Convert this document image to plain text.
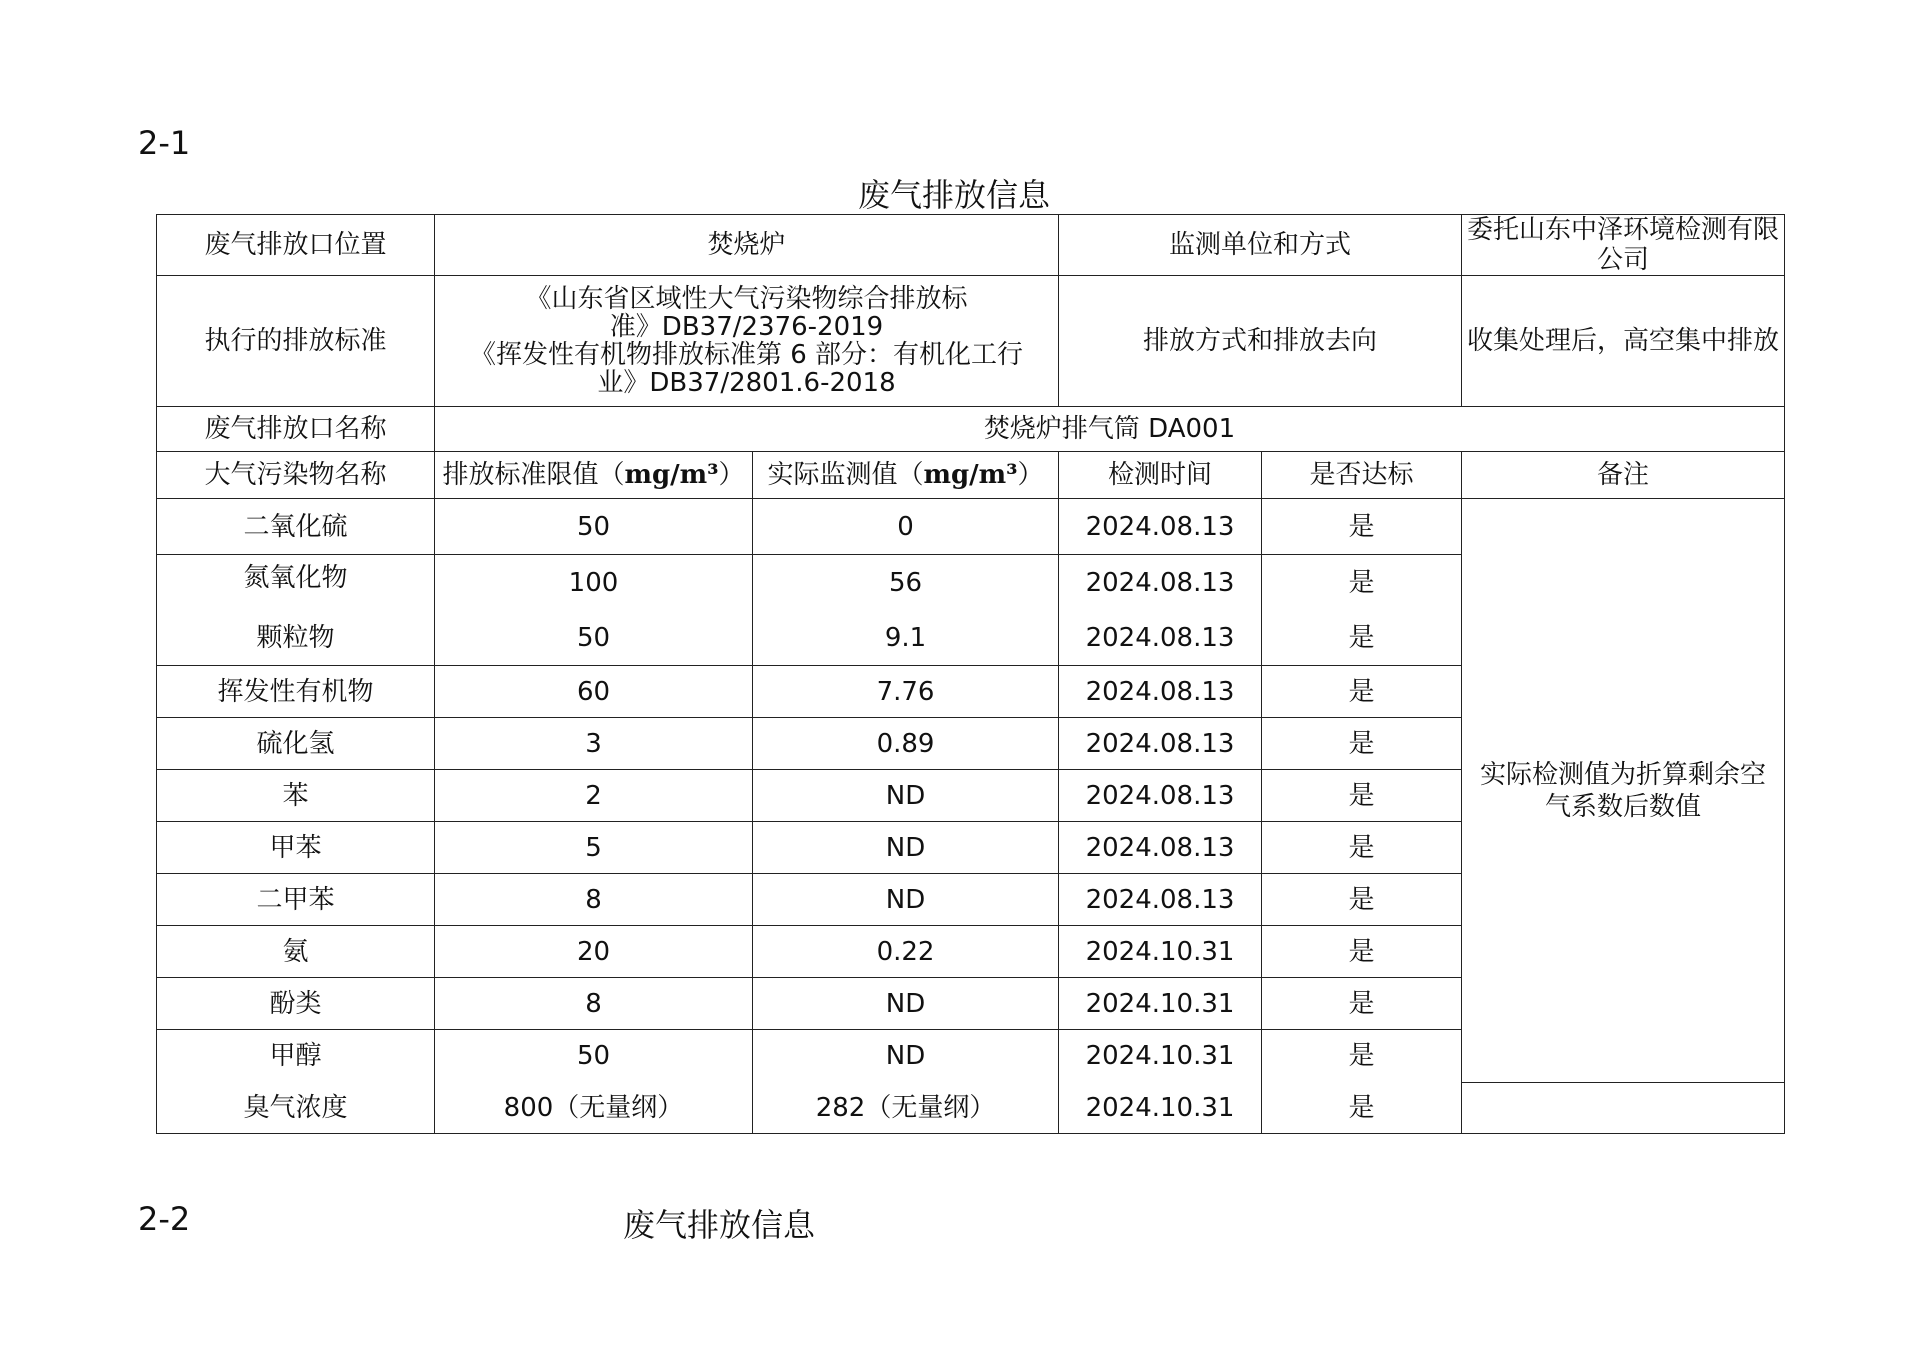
2-1
废气排放信息
废气排放口位置	焚烧炉		监测单位和方式		委托山东中泽环境检测有限公司
执行的排放标准	《山东省区域性大气污染物综合排放标
准》DB37/2376-2019
《挥发性有机物排放标准第 6 部分：有机化工行
业》DB37/2801.6-2018		排放方式和排放去向		收集处理后，高空集中排放
废气排放口名称	焚烧炉排气筒 DA001				
大气污染物名称	排放标准限值（mg/m³）	实际监测值（mg/m³）	检测时间	是否达标	备注
二氧化硫	50	0	2024.08.13	是	实际检测值为折算剩余空
气系数后数值

氮氧化物	100	56	2024.08.13	是	
颗粒物	50	9.1	2024.08.13	是	
挥发性有机物	60	7.76	2024.08.13	是	
硫化氢	3	0.89	2024.08.13	是	
苯	2	ND	2024.08.13	是	
甲苯	5	ND	2024.08.13	是	
二甲苯	8	ND	2024.08.13	是	
氨	20	0.22	2024.10.31	是	
酚类	8	ND	2024.10.31	是	
甲醇	50	ND	2024.10.31	是	
臭气浓度	800（无量纲）	282（无量纲）	2024.10.31	是	
2-2	废气排放信息
